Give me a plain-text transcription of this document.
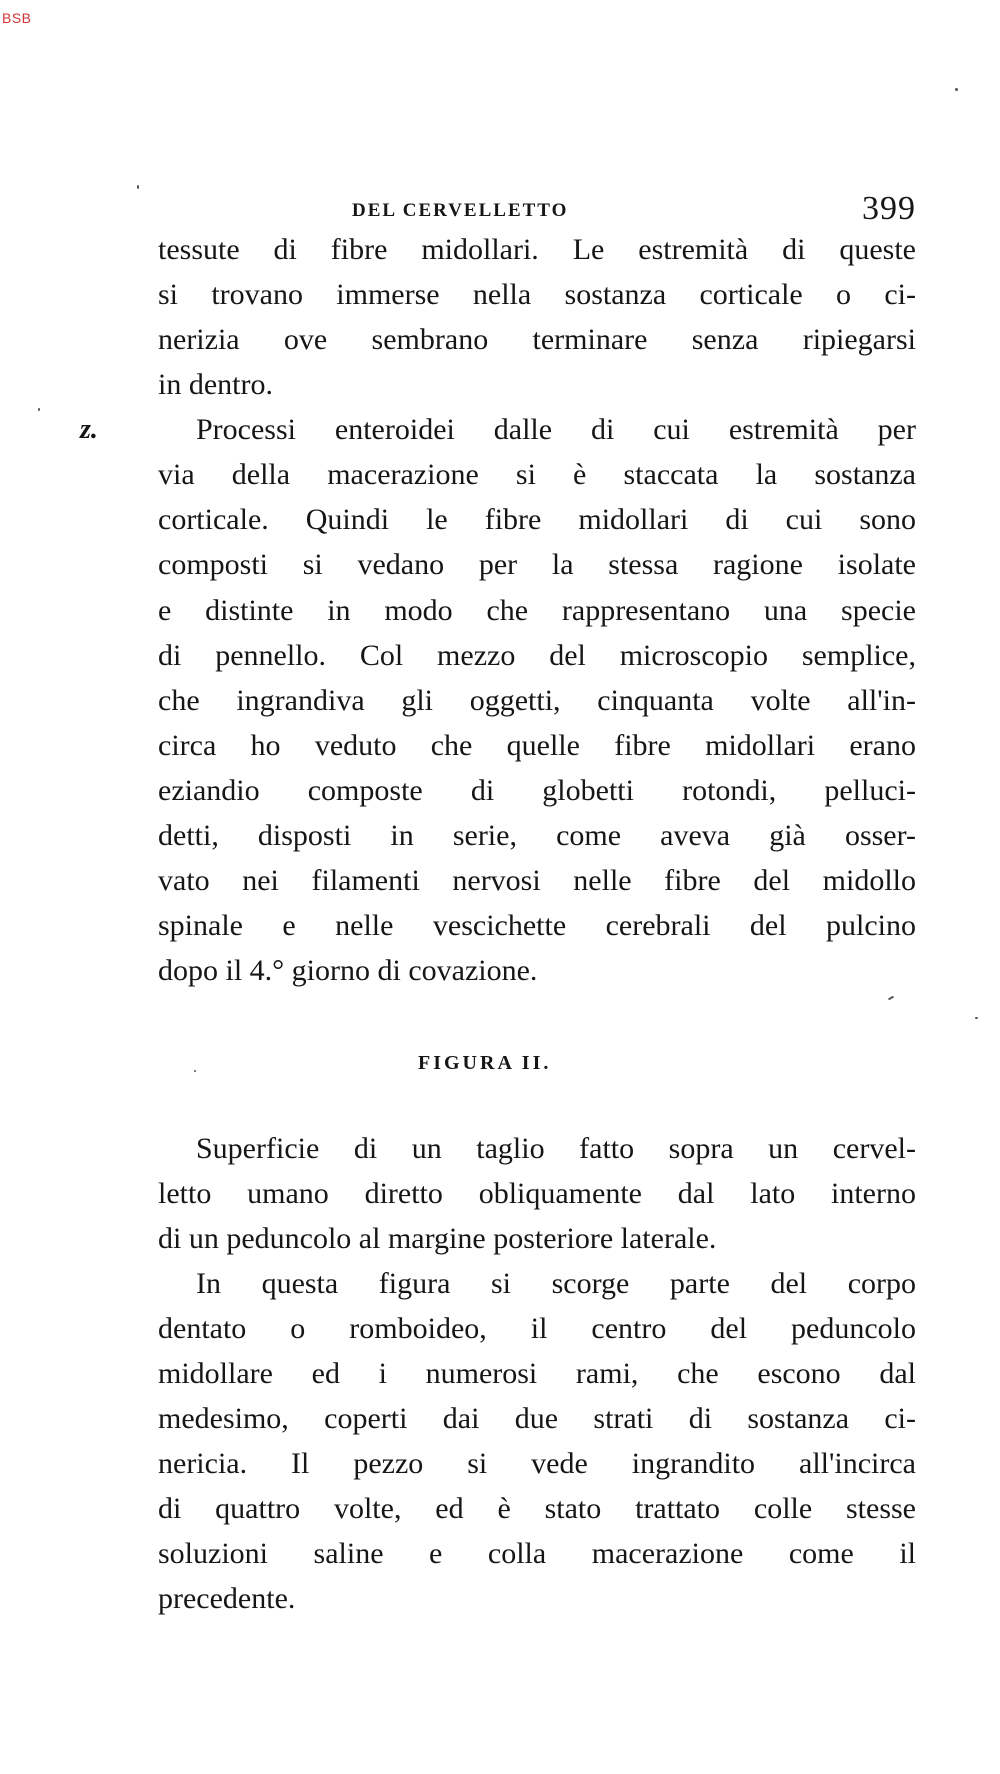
BSB
DEL CERVELLETTO	399
tessute di fibre midollari. Le estremità di queste
si trovano immerse nella sostanza corticale o ci-
nerizia ove sembrano terminare senza ripiegarsi
in dentro.
z.	Processi enteroidei dalle di cui estremità per
via della macerazione si è staccata la sostanza
corticale. Quindi le fibre midollari di cui sono
composti si vedano per la stessa ragione isolate
e distinte in modo che rappresentano una specie
di pennello. Col mezzo del microscopio semplice,
che ingrandiva gli oggetti, cinquanta volte all'in-
circa ho veduto che quelle fibre midollari erano
eziandio composte di globetti rotondi, pelluci-
detti, disposti in serie, come aveva già osser-
vato nei filamenti nervosi nelle fibre del midollo
spinale e nelle vescichette cerebrali del pulcino
dopo il 4.° giorno di covazione.
FIGURA II.
Superficie di un taglio fatto sopra un cervel-
letto umano diretto obliquamente dal lato interno
di un peduncolo al margine posteriore laterale.
In questa figura si scorge parte del corpo
dentato o romboideo, il centro del peduncolo
midollare ed i numerosi rami, che escono dal
medesimo, coperti dai due strati di sostanza ci-
nericia. Il pezzo si vede ingrandito all'incirca
di quattro volte, ed è stato trattato colle stesse
soluzioni saline e colla macerazione come il
precedente.
